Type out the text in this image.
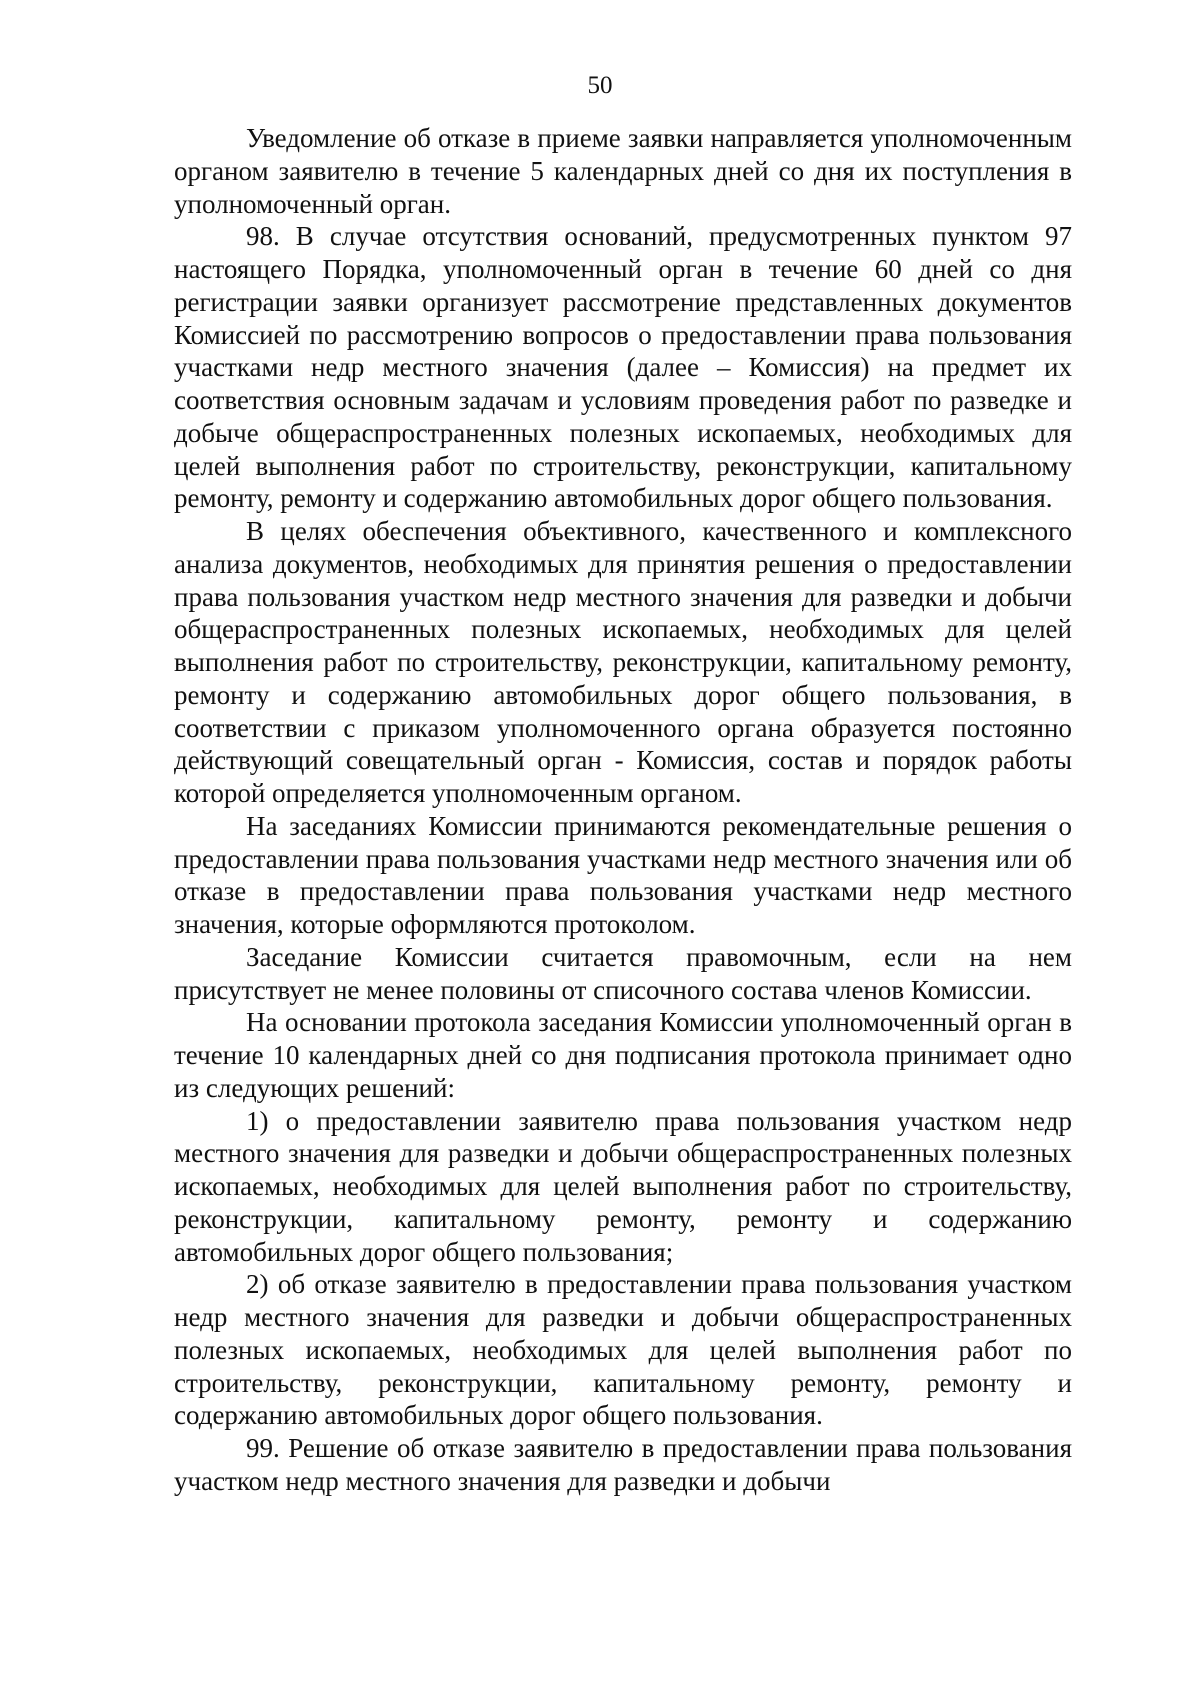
50

Уведомление об отказе в приеме заявки направляется уполномоченным органом заявителю в течение 5 календарных дней со дня их поступления в уполномоченный орган.

98. В случае отсутствия оснований, предусмотренных пунктом 97 настоящего Порядка, уполномоченный орган в течение 60 дней со дня регистрации заявки организует рассмотрение представленных документов Комиссией по рассмотрению вопросов о предоставлении права пользования участками недр местного значения (далее – Комиссия) на предмет их соответствия основным задачам и условиям проведения работ по разведке и добыче общераспространенных полезных ископаемых, необходимых для целей выполнения работ по строительству, реконструкции, капитальному ремонту, ремонту и содержанию автомобильных дорог общего пользования.

В целях обеспечения объективного, качественного и комплексного анализа документов, необходимых для принятия решения о предоставлении права пользования участком недр местного значения для разведки и добычи общераспространенных полезных ископаемых, необходимых для целей выполнения работ по строительству, реконструкции, капитальному ремонту, ремонту и содержанию автомобильных дорог общего пользования, в соответствии с приказом уполномоченного органа образуется постоянно действующий совещательный орган - Комиссия, состав и порядок работы которой определяется уполномоченным органом.

На заседаниях Комиссии принимаются рекомендательные решения о предоставлении права пользования участками недр местного значения или об отказе в предоставлении права пользования участками недр местного значения, которые оформляются протоколом.

Заседание Комиссии считается правомочным, если на нем присутствует не менее половины от списочного состава членов Комиссии.

На основании протокола заседания Комиссии уполномоченный орган в течение 10 календарных дней со дня подписания протокола принимает одно из следующих решений:

1) о предоставлении заявителю права пользования участком недр местного значения для разведки и добычи общераспространенных полезных ископаемых, необходимых для целей выполнения работ по строительству, реконструкции, капитальному ремонту, ремонту и содержанию автомобильных дорог общего пользования;

2) об отказе заявителю в предоставлении права пользования участком недр местного значения для разведки и добычи общераспространенных полезных ископаемых, необходимых для целей выполнения работ по строительству, реконструкции, капитальному ремонту, ремонту и содержанию автомобильных дорог общего пользования.

99. Решение об отказе заявителю в предоставлении права пользования участком недр местного значения для разведки и добычи
